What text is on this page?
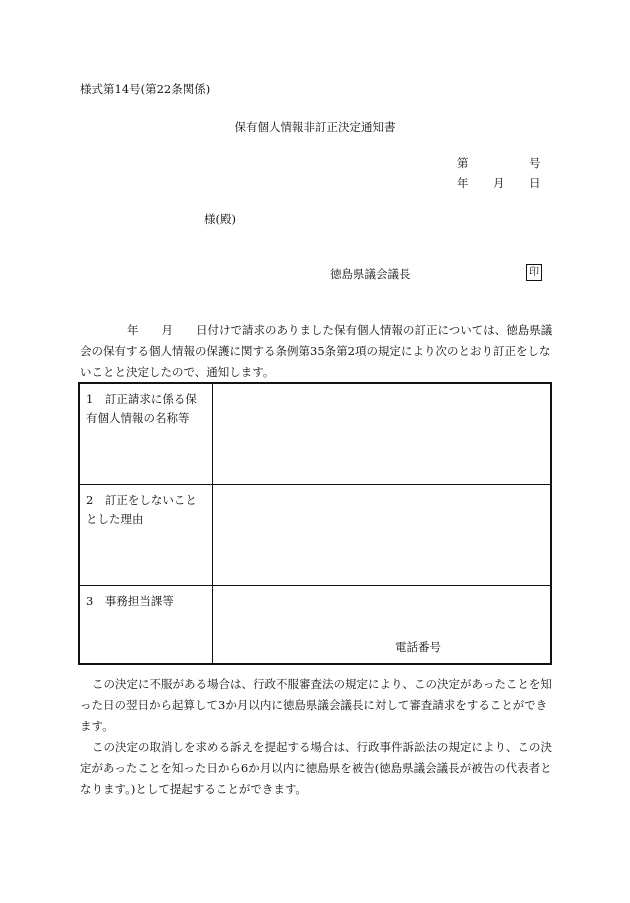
様式第14号(第22条関係)
保有個人情報非訂正決定通知書
第	号
年 月 日
様(殿)
徳島県議会議長	印
年　　月　　日付けで請求のありました保有個人情報の訂正については、徳島県議会の保有する個人情報の保護に関する条例第35条第2項の規定により次のとおり訂正をしないことと決定したので、通知します。
1　訂正請求に係る保有個人情報の名称等	
2　訂正をしないこととした理由	
3　事務担当課等	電話番号
この決定に不服がある場合は、行政不服審査法の規定により、この決定があったことを知った日の翌日から起算して3か月以内に徳島県議会議長に対して審査請求をすることができます。
この決定の取消しを求める訴えを提起する場合は、行政事件訴訟法の規定により、この決定があったことを知った日から6か月以内に徳島県を被告(徳島県議会議長が被告の代表者となります。)として提起することができます。
